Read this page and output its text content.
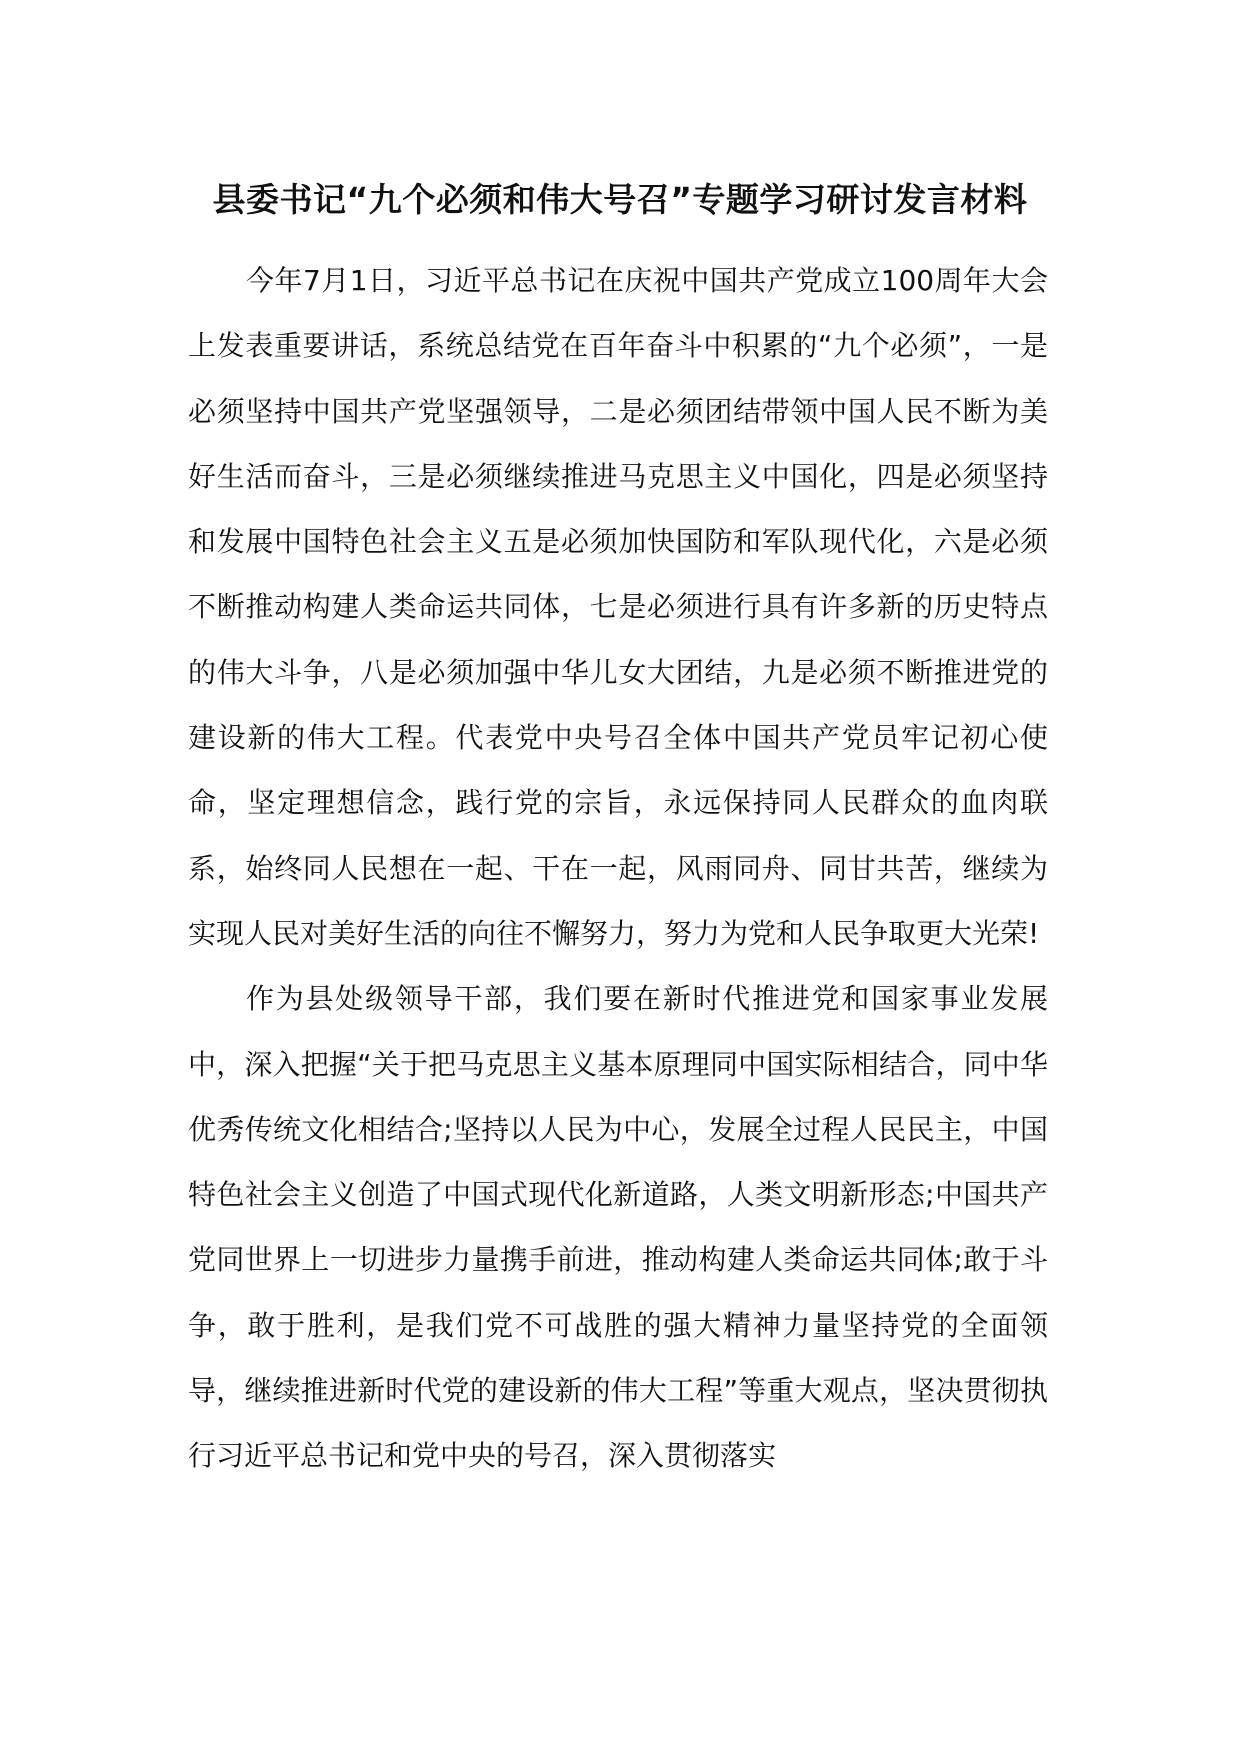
县委书记“九个必须和伟大号召”专题学习研讨发言材料

今年7月1日，习近平总书记在庆祝中国共产党成立100周年大会上发表重要讲话，系统总结党在百年奋斗中积累的“九个必须”，一是必须坚持中国共产党坚强领导，二是必须团结带领中国人民不断为美好生活而奋斗，三是必须继续推进马克思主义中国化，四是必须坚持和发展中国特色社会主义五是必须加快国防和军队现代化，六是必须不断推动构建人类命运共同体，七是必须进行具有许多新的历史特点的伟大斗争，八是必须加强中华儿女大团结，九是必须不断推进党的建设新的伟大工程。代表党中央号召全体中国共产党员牢记初心使命，坚定理想信念，践行党的宗旨，永远保持同人民群众的血肉联系，始终同人民想在一起、干在一起，风雨同舟、同甘共苦，继续为实现人民对美好生活的向往不懈努力，努力为党和人民争取更大光荣!

作为县处级领导干部，我们要在新时代推进党和国家事业发展中，深入把握“关于把马克思主义基本原理同中国实际相结合，同中华优秀传统文化相结合;坚持以人民为中心，发展全过程人民民主，中国特色社会主义创造了中国式现代化新道路，人类文明新形态;中国共产党同世界上一切进步力量携手前进，推动构建人类命运共同体;敢于斗争，敢于胜利，是我们党不可战胜的强大精神力量坚持党的全面领导，继续推进新时代党的建设新的伟大工程”等重大观点，坚决贯彻执行习近平总书记和党中央的号召，深入贯彻落实
